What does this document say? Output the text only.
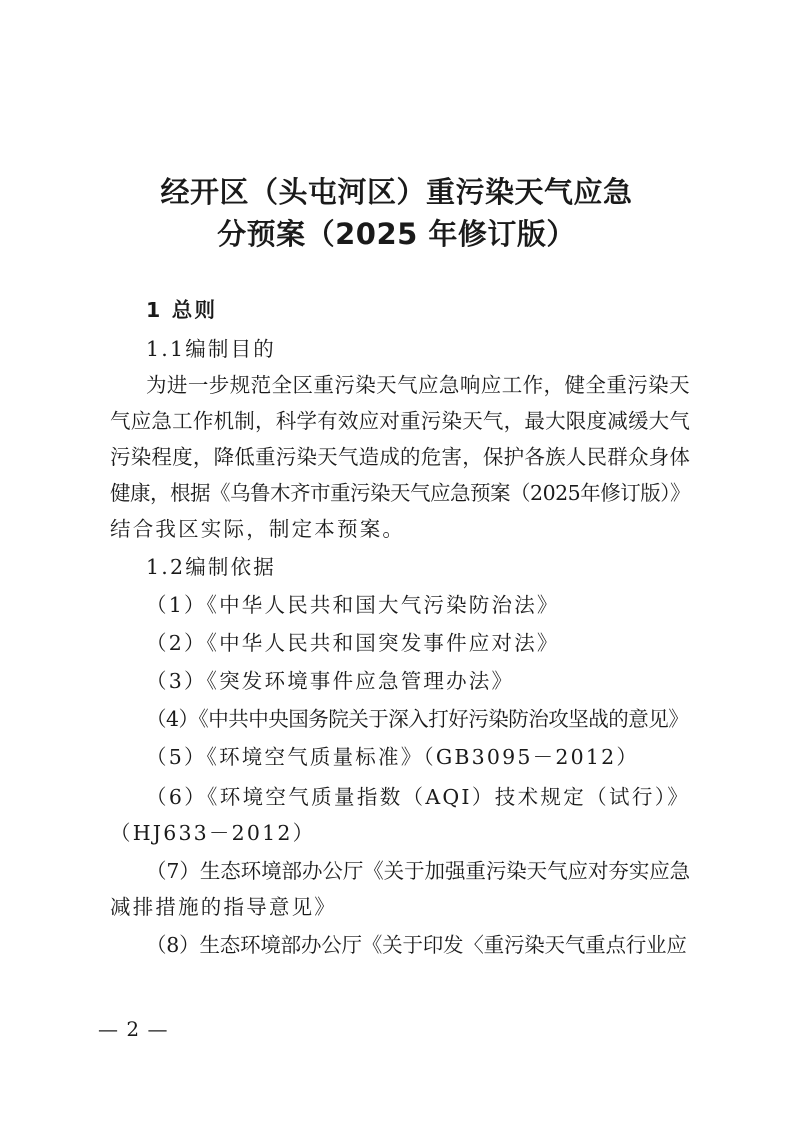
经开区（头屯河区）重污染天气应急
分预案（2025 年修订版）
1 总则
1.1编制目的
为进一步规范全区重污染天气应急响应工作，健全重污染天
气应急工作机制，科学有效应对重污染天气，最大限度减缓大气
污染程度，降低重污染天气造成的危害，保护各族人民群众身体
健康，根据《乌鲁木齐市重污染天气应急预案（2025年修订版）》
结合我区实际，制定本预案。
1.2编制依据
（1）《中华人民共和国大气污染防治法》
（2）《中华人民共和国突发事件应对法》
（3）《突发环境事件应急管理办法》
（4）《中共中央国务院关于深入打好污染防治攻坚战的意见》
（5）《环境空气质量标准》（GB3095－2012）
（6）《环境空气质量指数（AQI）技术规定（试行）》
（HJ633－2012）
（7）生态环境部办公厅《关于加强重污染天气应对夯实应急
减排措施的指导意见》
（8）生态环境部办公厅《关于印发〈重污染天气重点行业应
— 2 —
